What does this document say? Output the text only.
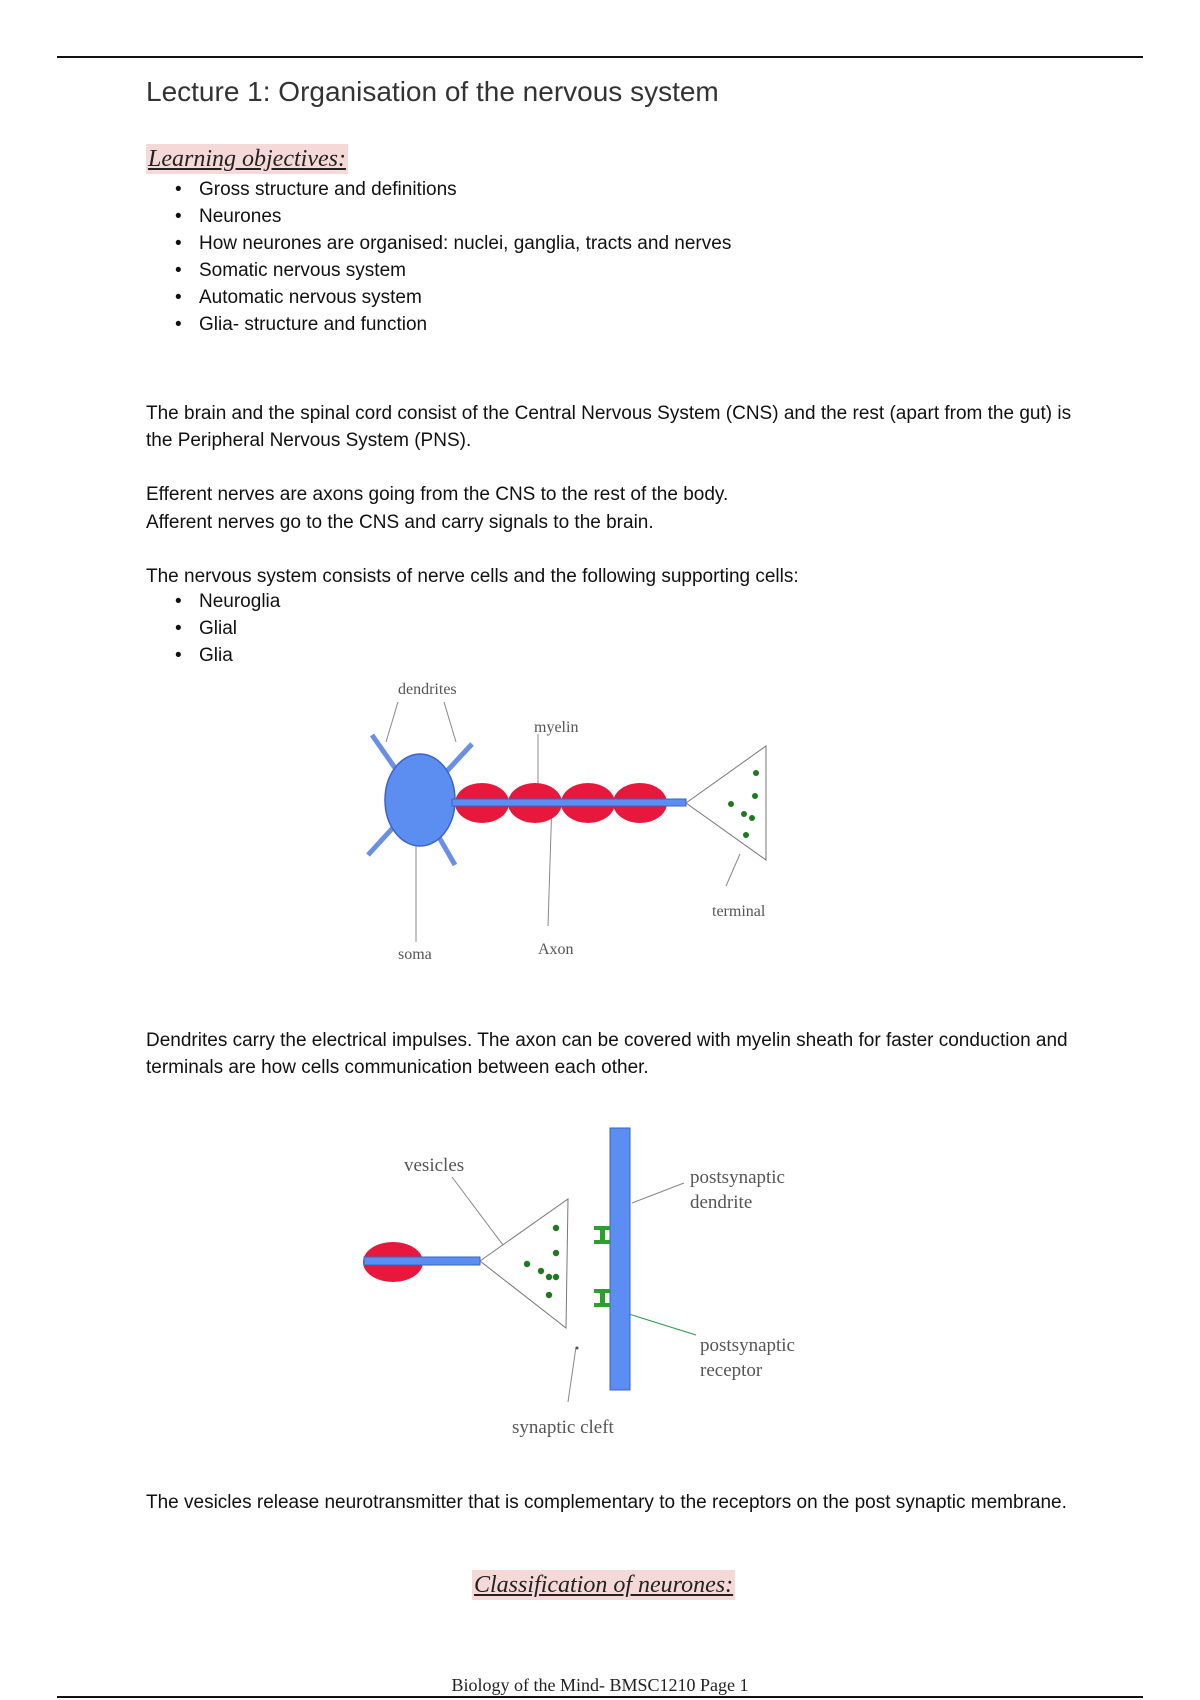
Lecture 1: Organisation of the nervous system
Learning objectives:
• Gross structure and definitions
• Neurones
• How neurones are organised: nuclei, ganglia, tracts and nerves
• Somatic nervous system
• Automatic nervous system
• Glia- structure and function

The brain and the spinal cord consist of the Central Nervous System (CNS) and the rest (apart from the gut) is the Peripheral Nervous System (PNS).

Efferent nerves are axons going from the CNS to the rest of the body.

Afferent nerves go to the CNS and carry signals to the brain.

The nervous system consists of nerve cells and the following supporting cells:

• Neuroglia
• Glial
• Glia
dendrites
myelin
terminal
soma	Axon

Dendrites carry the electrical impulses. The axon can be covered with myelin sheath for faster conduction and terminals are how cells communication between each other.

vesicles
postsynaptic
dendrite
postsynaptic
receptor
synaptic cleft

The vesicles release neurotransmitter that is complementary to the receptors on the post synaptic membrane.

Classification of neurones:
Biology of the Mind- BMSC1210 Page 1
